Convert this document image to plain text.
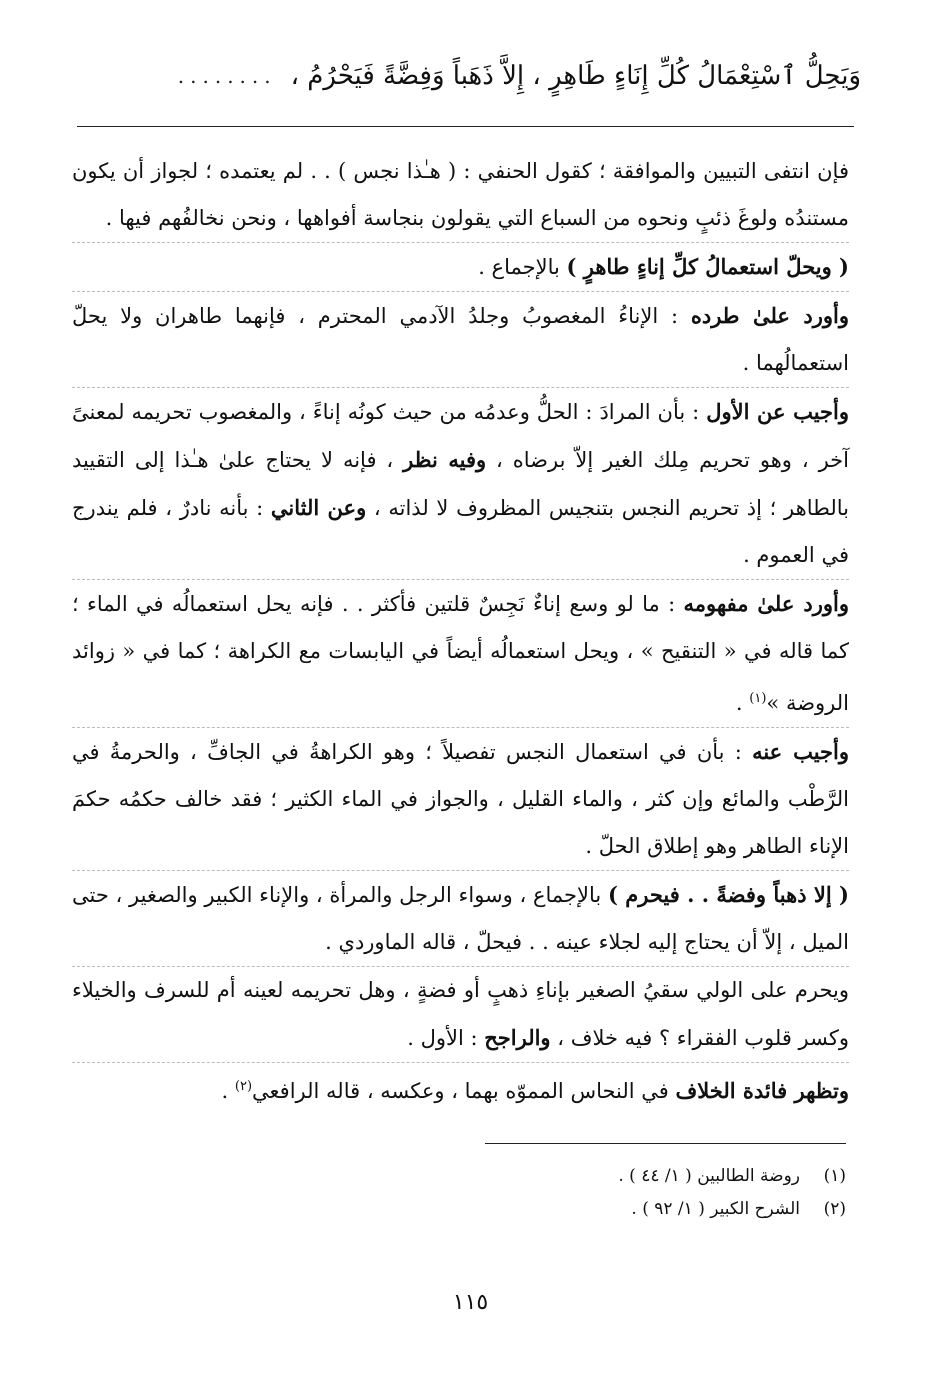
وَيَحِلُّ ٱسْتِعْمَالُ كُلِّ إِنَاءٍ طَاهِرٍ ، إِلاَّ ذَهَباً وَفِضَّةً فَيَحْرُمُ ،
........

فإن انتفى التبيين والموافقة ؛ كقول الحنفي : ( هـٰذا نجس ) . . لم يعتمده ؛ لجواز أن يكون مستندُه ولوغَ ذئبٍ ونحوه من السباع التي يقولون بنجاسة أفواهها ، ونحن نخالفُهم فيها .

( ويحلّ استعمالُ كلِّ إناءٍ طاهرٍ ) بالإجماع .

وأورد علىٰ طرده : الإناءُ المغصوبُ وجلدُ الآدمي المحترم ، فإنهما طاهران ولا يحلّ استعمالُهما .

وأجيب عن الأول : بأن المرادَ : الحلُّ وعدمُه من حيث كونُه إناءً ، والمغصوب تحريمه لمعنىً آخر ، وهو تحريم مِلك الغير إلاّ برضاه ، وفيه نظر ، فإنه لا يحتاج علىٰ هـٰذا إلى التقييد بالطاهر ؛ إذ تحريم النجس بتنجيس المظروف لا لذاته ، وعن الثاني : بأنه نادرٌ ، فلم يندرج في العموم .

وأورد علىٰ مفهومه : ما لو وسع إناءٌ نَجِسٌ قلتين فأكثر . . فإنه يحل استعمالُه في الماء ؛ كما قاله في « التنقيح » ، ويحل استعمالُه أيضاً في اليابسات مع الكراهة ؛ كما في « زوائد الروضة »$^{(١)}$ .

وأجيب عنه : بأن في استعمال النجس تفصيلاً ؛ وهو الكراهةُ في الجافِّ ، والحرمةُ في الرَّطْب والمائع وإن كثر ، والماء القليل ، والجواز في الماء الكثير ؛ فقد خالف حكمُه حكمَ الإناء الطاهر وهو إطلاق الحلّ .

( إلا ذهباً وفضةً . . فيحرم ) بالإجماع ، وسواء الرجل والمرأة ، والإناء الكبير والصغير ، حتى الميل ، إلاّ أن يحتاج إليه لجلاء عينه . . فيحلّ ، قاله الماوردي .

ويحرم على الولي سقيُ الصغير بإناءِ ذهبٍ أو فضةٍ ، وهل تحريمه لعينه أم للسرف والخيلاء وكسر قلوب الفقراء ؟ فيه خلاف ، والراجح : الأول .

وتظهر فائدة الخلاف في النحاس المموّه بهما ، وعكسه ، قاله الرافعي$^{(٢)}$ .

(١)
روضة الطالبين ( ١/ ٤٤ ) .
(٢)
الشرح الكبير ( ١/ ٩٢ ) .
١١٥
